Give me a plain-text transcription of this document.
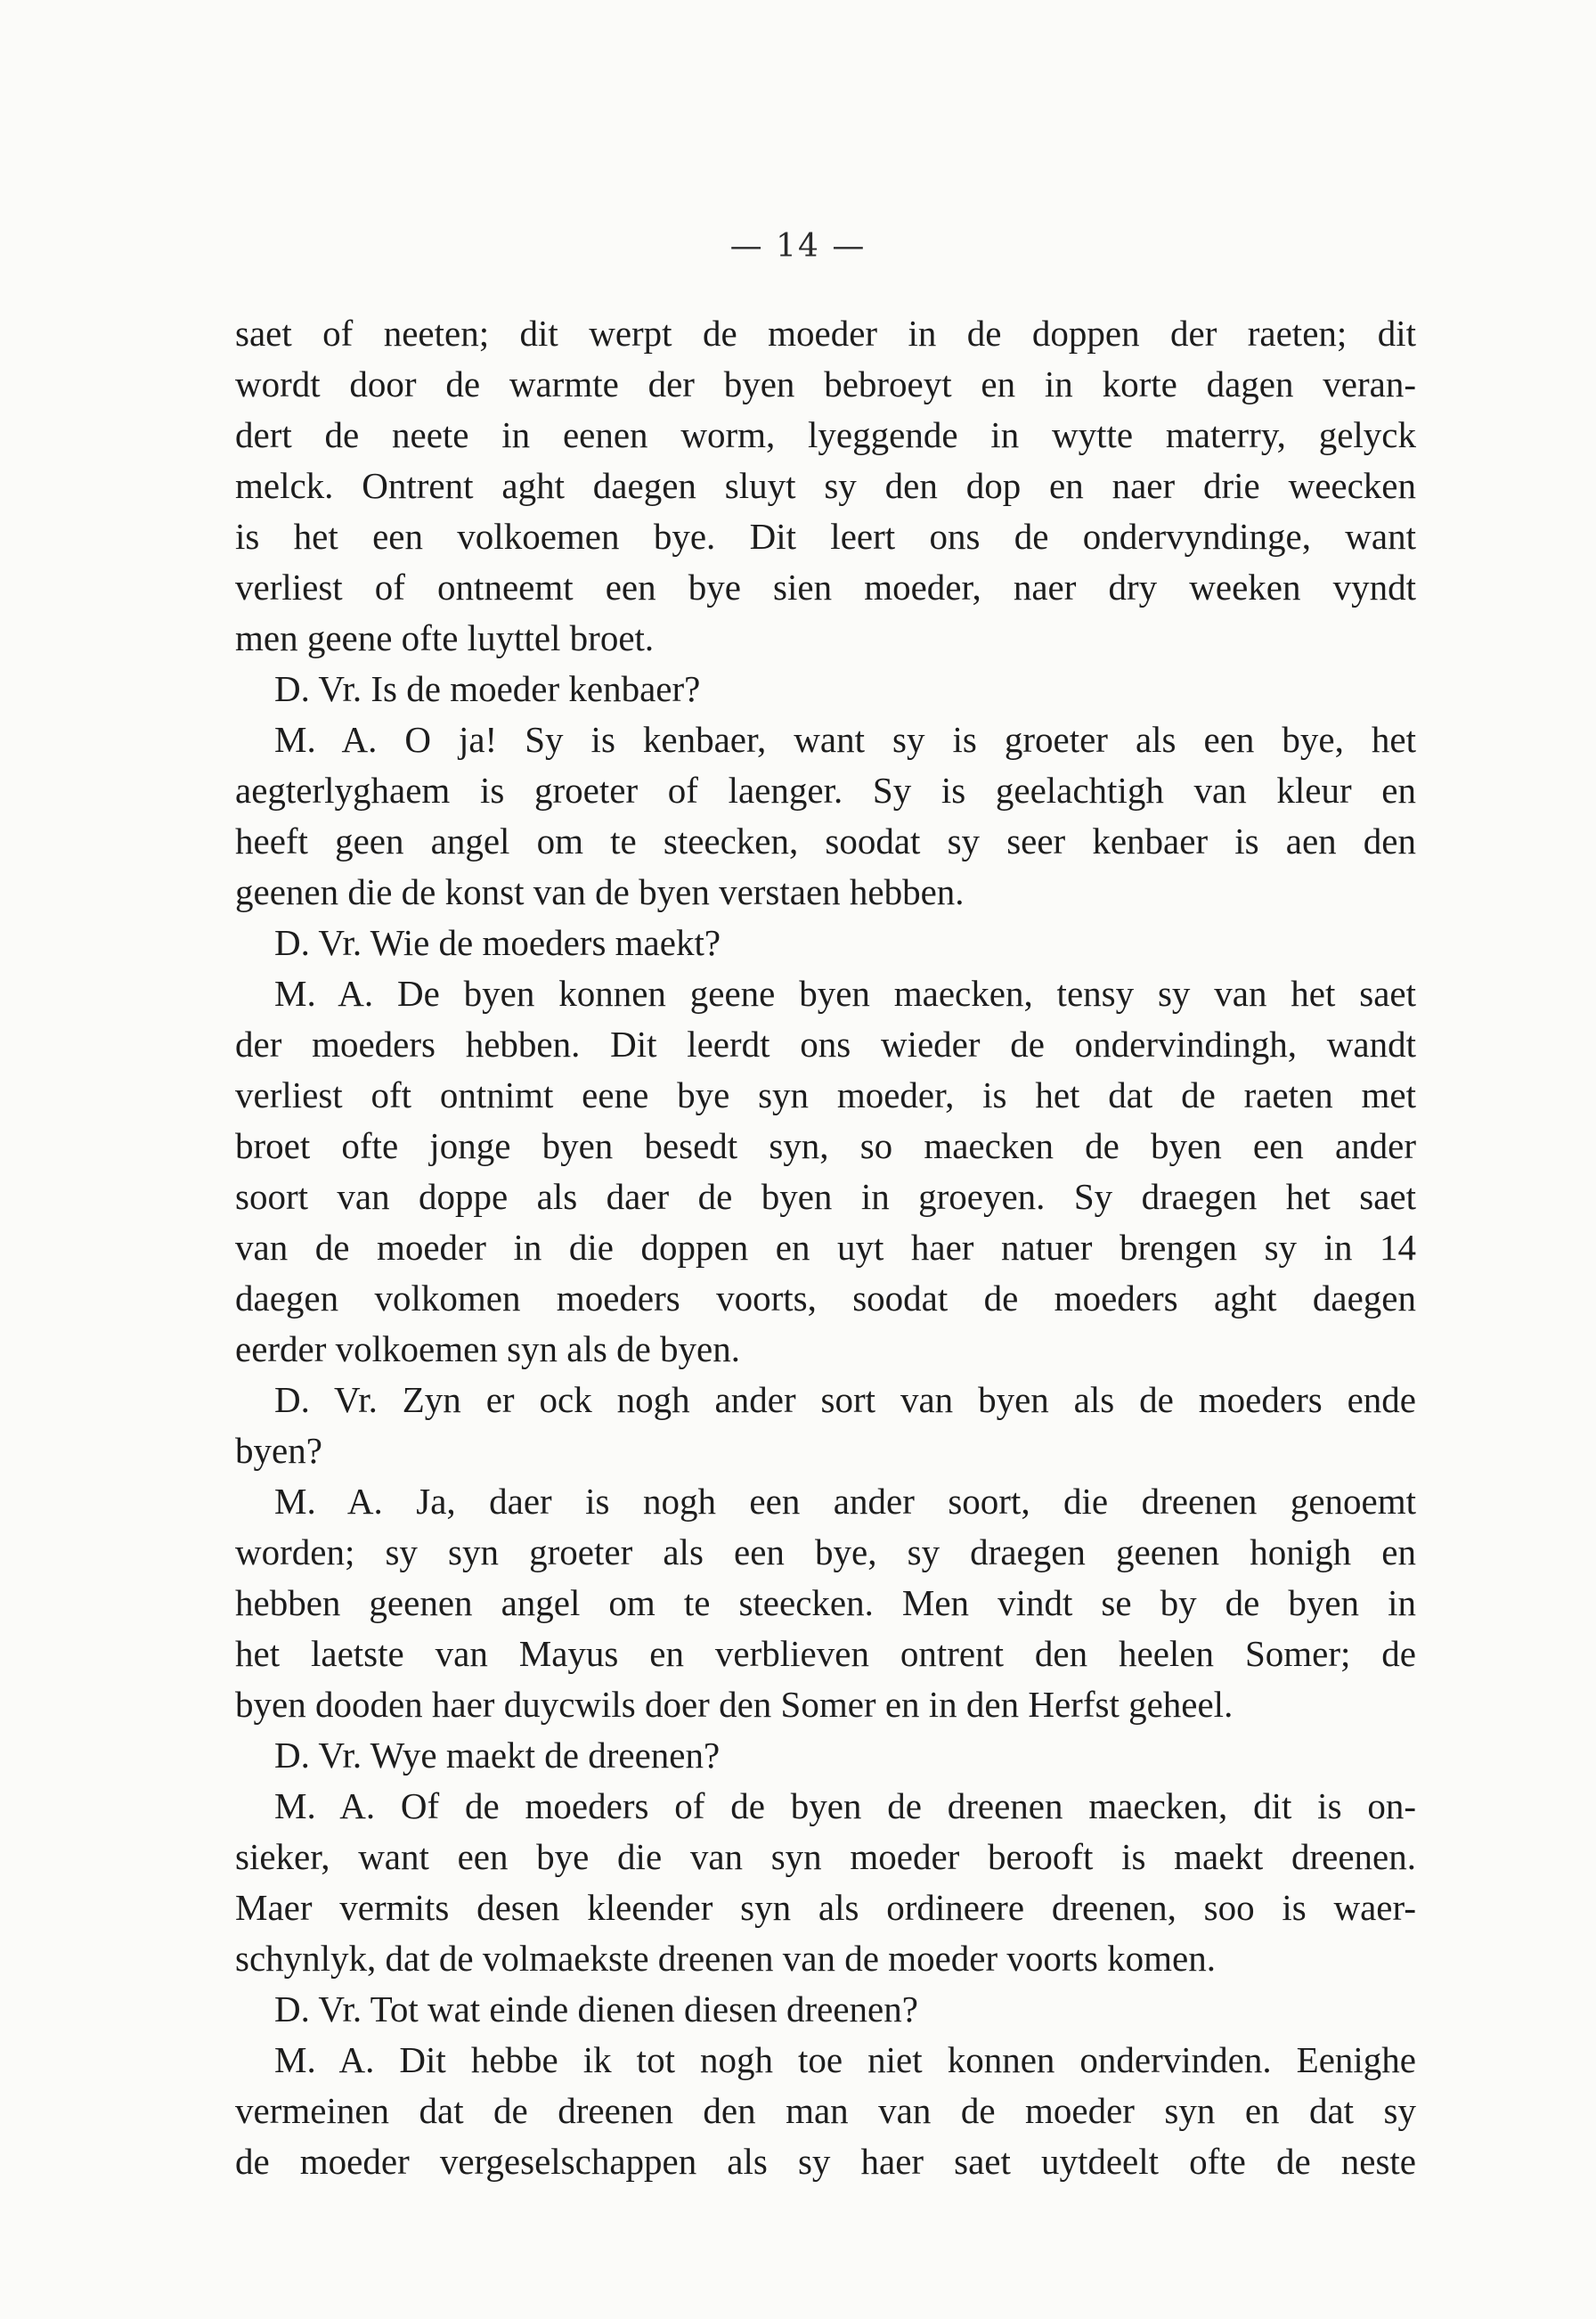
— 14 —
saet of neeten; dit werpt de moeder in de doppen der raeten; dit
wordt door de warmte der byen bebroeyt en in korte dagen veran-
dert de neete in eenen worm, lyeggende in wytte materry, gelyck
melck. Ontrent aght daegen sluyt sy den dop en naer drie weecken
is het een volkoemen bye. Dit leert ons de ondervyndinge, want
verliest of ontneemt een bye sien moeder, naer dry weeken vyndt
men geene ofte luyttel broet.
D. Vr. Is de moeder kenbaer?
M. A. O ja! Sy is kenbaer, want sy is groeter als een bye, het
aegterlyghaem is groeter of laenger. Sy is geelachtigh van kleur en
heeft geen angel om te steecken, soodat sy seer kenbaer is aen den
geenen die de konst van de byen verstaen hebben.
D. Vr. Wie de moeders maekt?
M. A. De byen konnen geene byen maecken, tensy sy van het saet
der moeders hebben. Dit leerdt ons wieder de ondervindingh, wandt
verliest oft ontnimt eene bye syn moeder, is het dat de raeten met
broet ofte jonge byen besedt syn, so maecken de byen een ander
soort van doppe als daer de byen in groeyen. Sy draegen het saet
van de moeder in die doppen en uyt haer natuer brengen sy in 14
daegen volkomen moeders voorts, soodat de moeders aght daegen
eerder volkoemen syn als de byen.
D. Vr. Zyn er ock nogh ander sort van byen als de moeders ende
byen?
M. A. Ja, daer is nogh een ander soort, die dreenen genoemt
worden; sy syn groeter als een bye, sy draegen geenen honigh en
hebben geenen angel om te steecken. Men vindt se by de byen in
het laetste van Mayus en verblieven ontrent den heelen Somer; de
byen dooden haer duycwils doer den Somer en in den Herfst geheel.
D. Vr. Wye maekt de dreenen?
M. A. Of de moeders of de byen de dreenen maecken, dit is on-
sieker, want een bye die van syn moeder berooft is maekt dreenen.
Maer vermits desen kleender syn als ordineere dreenen, soo is waer-
schynlyk, dat de volmaekste dreenen van de moeder voorts komen.
D. Vr. Tot wat einde dienen diesen dreenen?
M. A. Dit hebbe ik tot nogh toe niet konnen ondervinden. Eenighe
vermeinen dat de dreenen den man van de moeder syn en dat sy
de moeder vergeselschappen als sy haer saet uytdeelt ofte de neste
